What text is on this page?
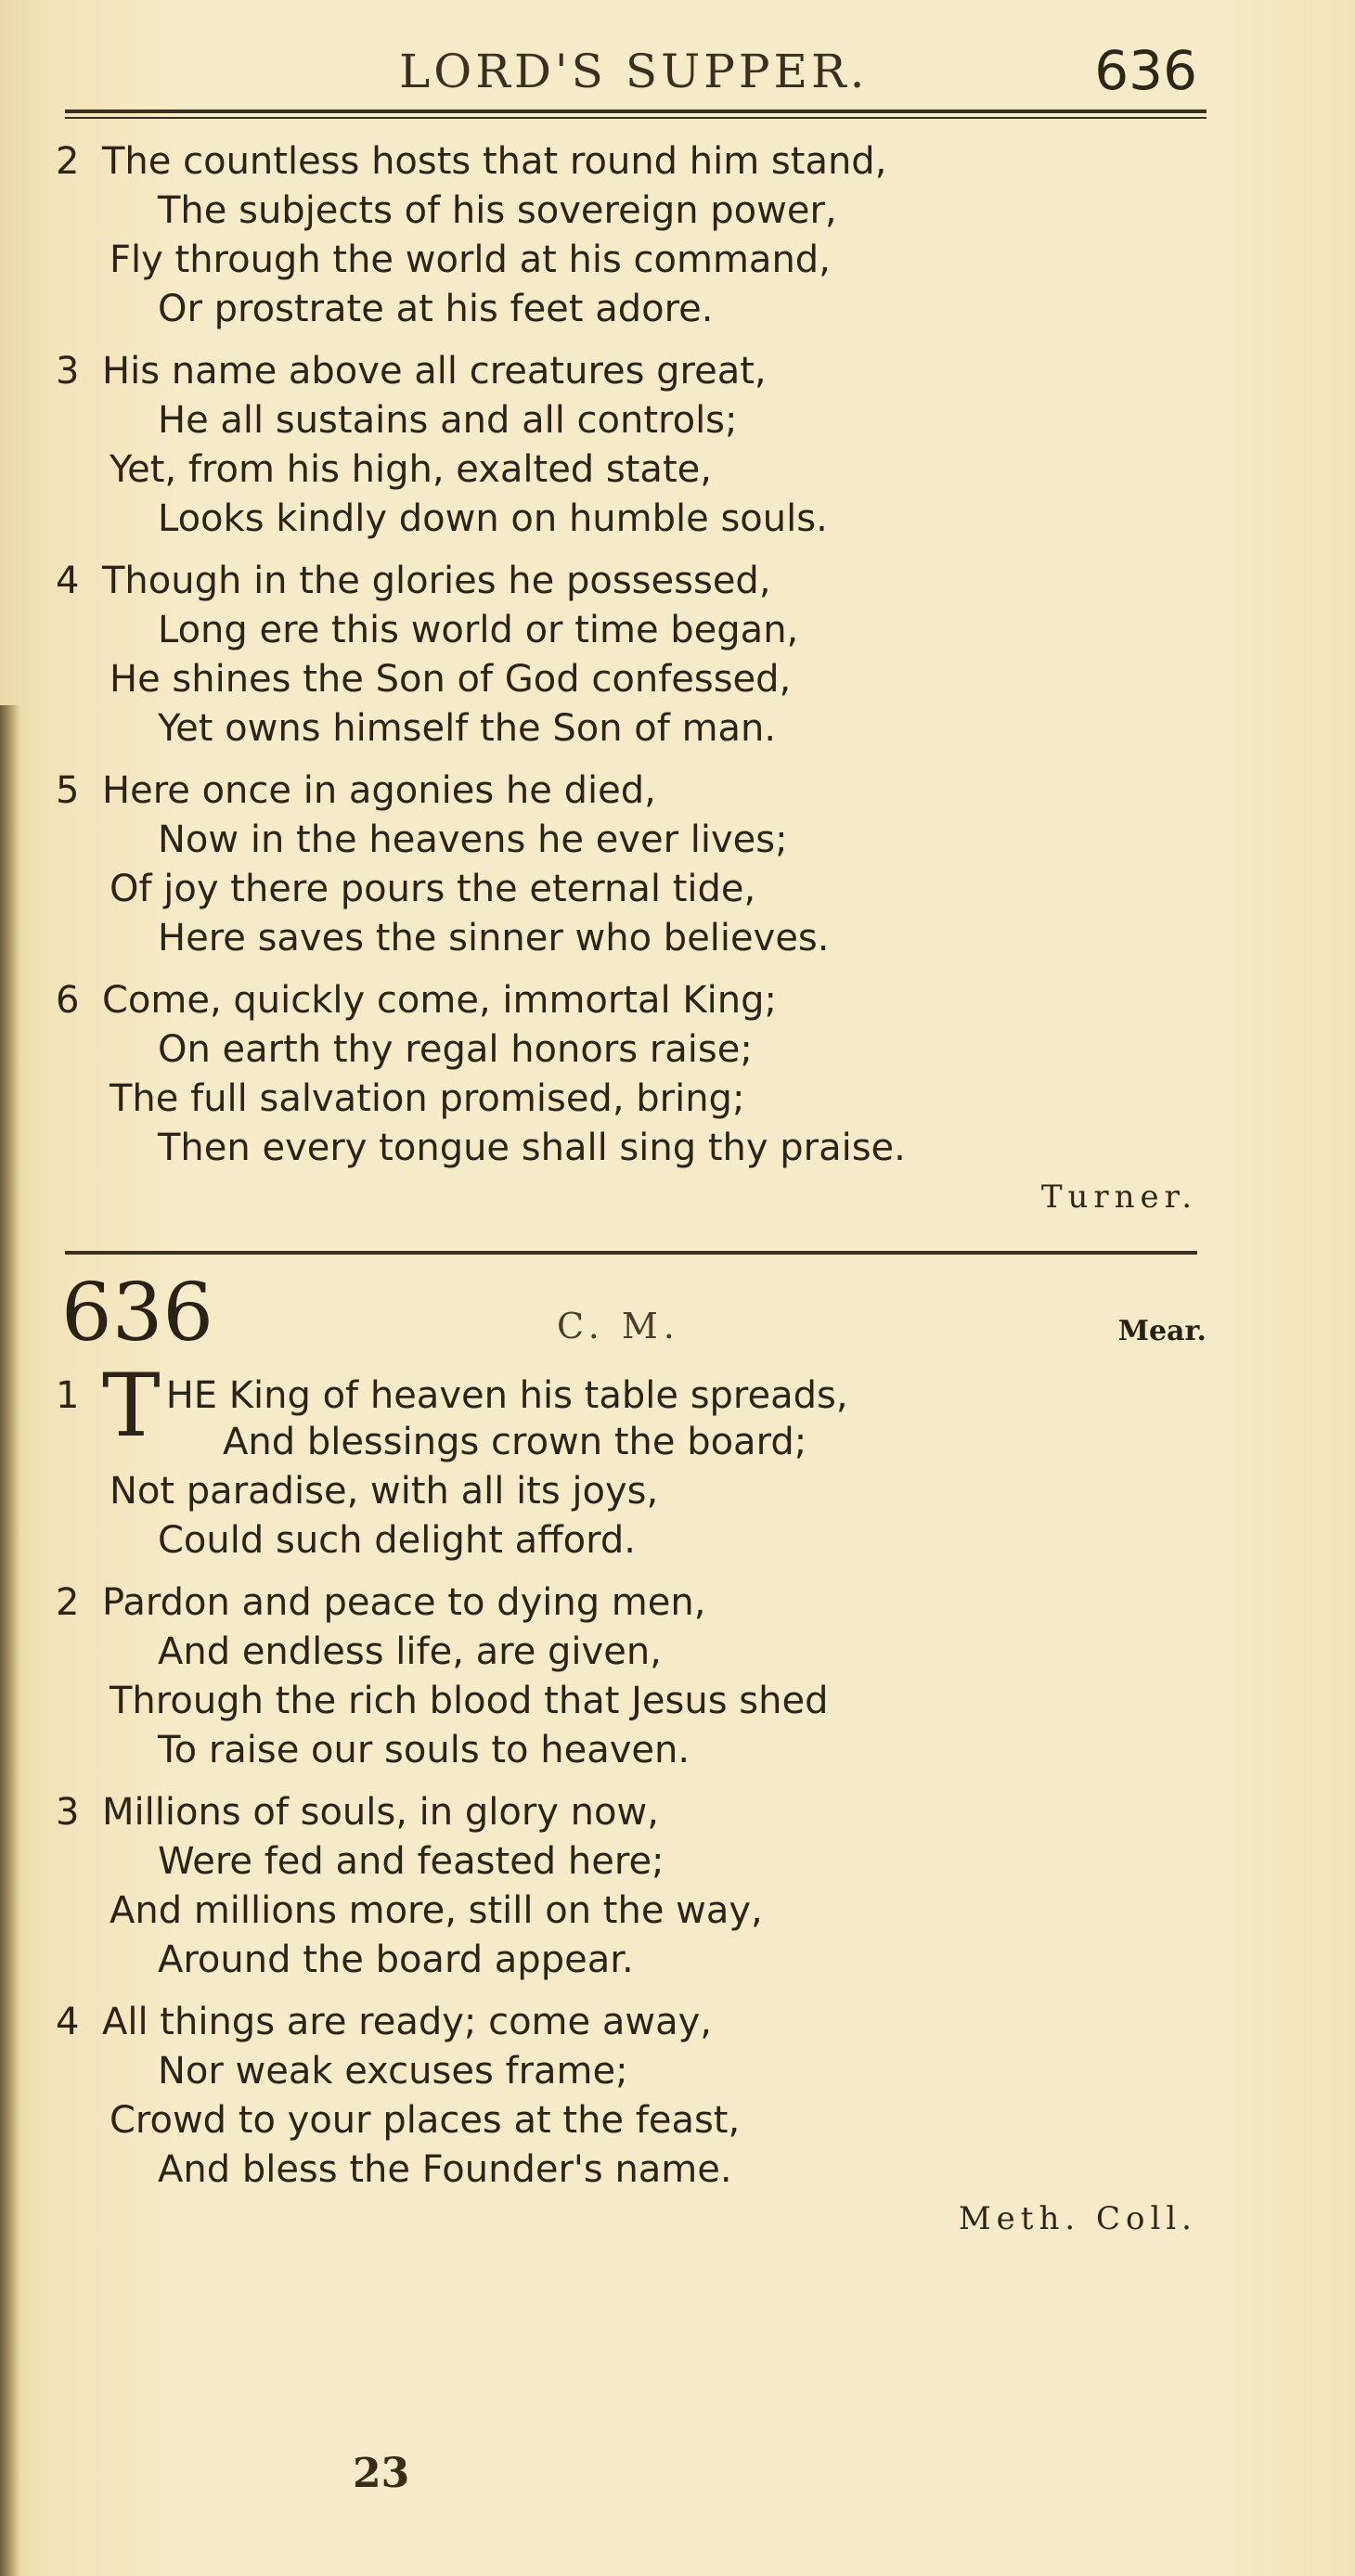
LORD'S SUPPER.	636
2 The countless hosts that round him stand,
The subjects of his sovereign power,
Fly through the world at his command,
Or prostrate at his feet adore.
3 His name above all creatures great,
He all sustains and all controls;
Yet, from his high, exalted state,
Looks kindly down on humble souls.
4 Though in the glories he possessed,
Long ere this world or time began,
He shines the Son of God confessed,
Yet owns himself the Son of man.
5 Here once in agonies he died,
Now in the heavens he ever lives;
Of joy there pours the eternal tide,
Here saves the sinner who believes.
6 Come, quickly come, immortal King;
On earth thy regal honors raise;
The full salvation promised, bring;
Then every tongue shall sing thy praise.
Turner.
636	C. M.	Mear.
1 T HE King of heaven his table spreads,
And blessings crown the board;
Not paradise, with all its joys,
Could such delight afford.
2 Pardon and peace to dying men,
And endless life, are given,
Through the rich blood that Jesus shed
To raise our souls to heaven.
3 Millions of souls, in glory now,
Were fed and feasted here;
And millions more, still on the way,
Around the board appear.
4 All things are ready; come away,
Nor weak excuses frame;
Crowd to your places at the feast,
And bless the Founder's name.
Meth. Coll.
23
